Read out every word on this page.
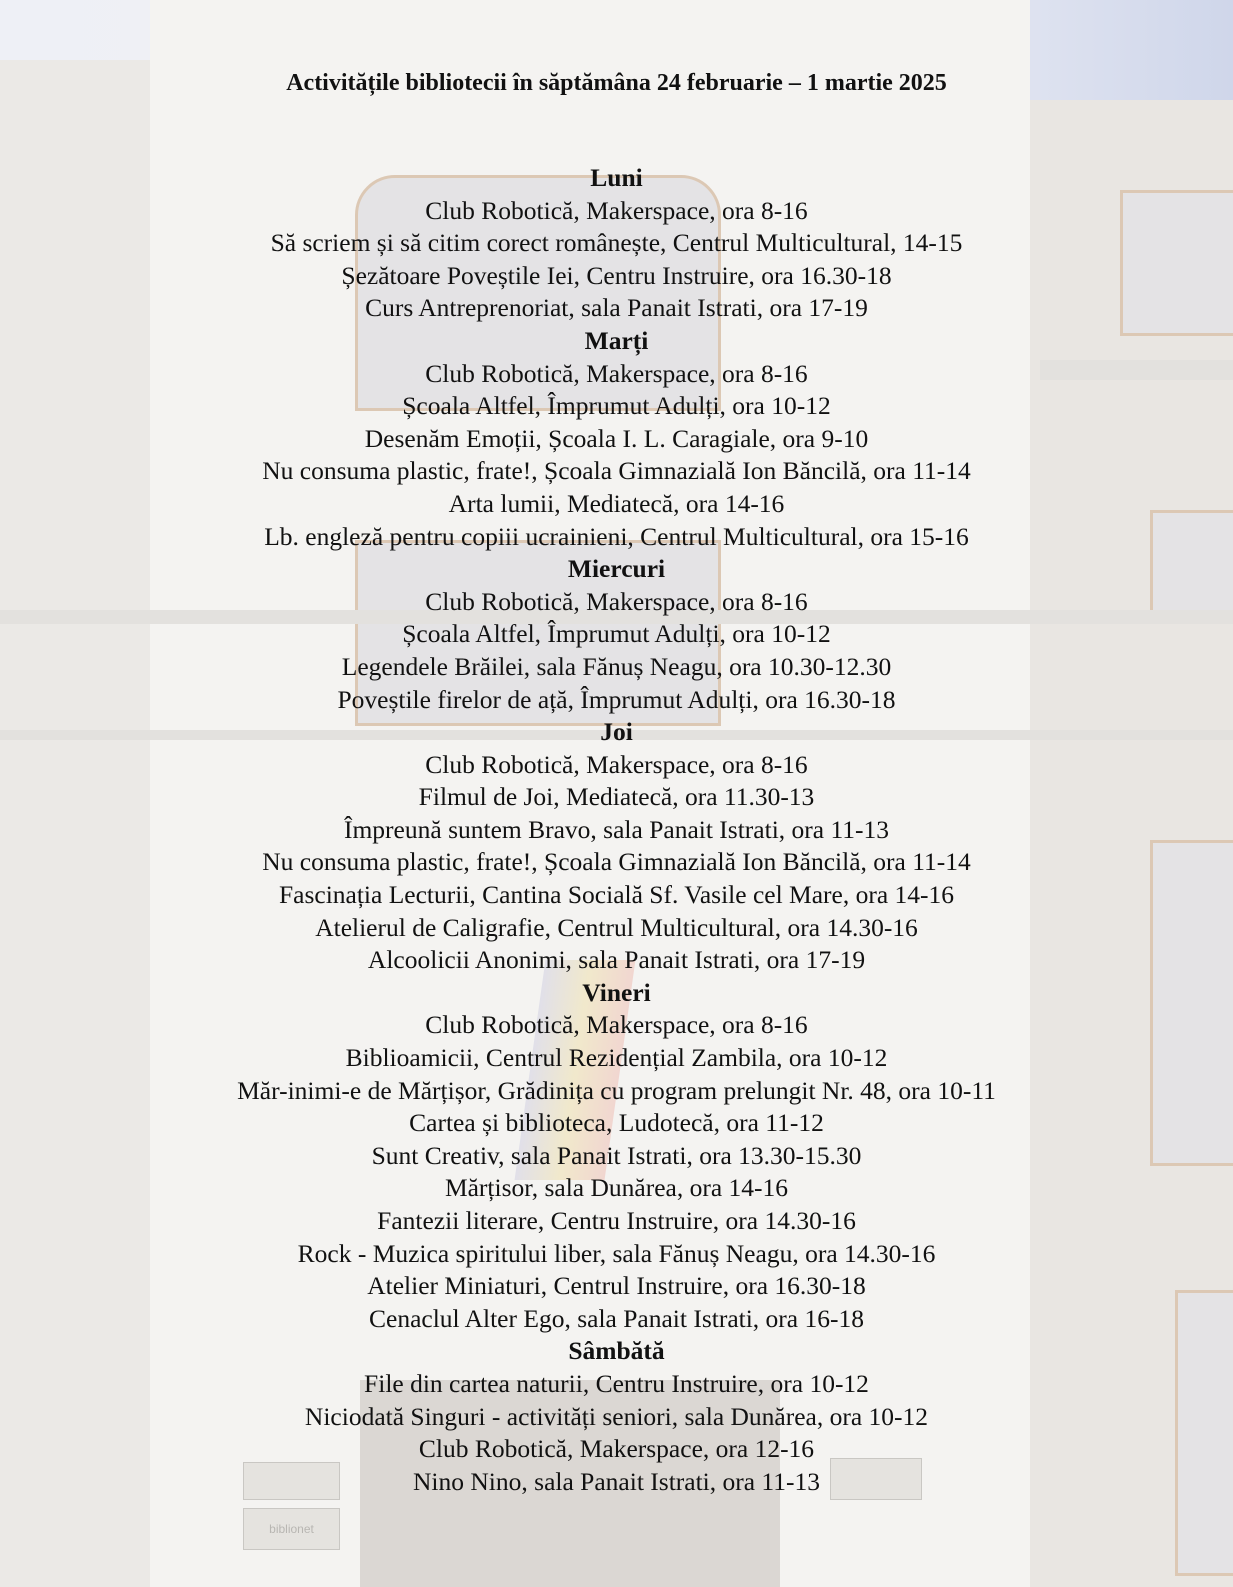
biblionet
Activitățile bibliotecii în săptămâna 24 februarie – 1 martie 2025
Luni
Club Robotică, Makerspace, ora 8-16
Să scriem și să citim corect românește, Centrul Multicultural, 14-15
Șezătoare Poveștile Iei, Centru Instruire, ora 16.30-18
Curs Antreprenoriat, sala Panait Istrati, ora 17-19
Marți
Club Robotică, Makerspace, ora 8-16
Școala Altfel, Împrumut Adulți, ora 10-12
Desenăm Emoții, Școala I. L. Caragiale, ora 9-10
Nu consuma plastic, frate!, Școala Gimnazială Ion Băncilă, ora 11-14
Arta lumii, Mediatecă, ora 14-16
Lb. engleză pentru copiii ucrainieni, Centrul Multicultural, ora 15-16
Miercuri
Club Robotică, Makerspace, ora 8-16
Școala Altfel, Împrumut Adulți, ora 10-12
Legendele Brăilei, sala Fănuș Neagu, ora 10.30-12.30
Poveștile firelor de ață, Împrumut Adulți, ora 16.30-18
Joi
Club Robotică, Makerspace, ora 8-16
Filmul de Joi, Mediatecă, ora 11.30-13
Împreună suntem Bravo, sala Panait Istrati, ora 11-13
Nu consuma plastic, frate!, Școala Gimnazială Ion Băncilă, ora 11-14
Fascinația Lecturii, Cantina Socială Sf. Vasile cel Mare, ora 14-16
Atelierul de Caligrafie, Centrul Multicultural, ora 14.30-16
Alcoolicii Anonimi, sala Panait Istrati, ora 17-19
Vineri
Club Robotică, Makerspace, ora 8-16
Biblioamicii, Centrul Rezidențial Zambila, ora 10-12
Măr-inimi-e de Mărțișor, Grădinița cu program prelungit Nr. 48, ora 10-11
Cartea și biblioteca, Ludotecă, ora 11-12
Sunt Creativ, sala Panait Istrati, ora 13.30-15.30
Mărțisor, sala Dunărea, ora 14-16
Fantezii literare, Centru Instruire, ora 14.30-16
Rock - Muzica spiritului liber, sala Fănuș Neagu, ora 14.30-16
Atelier Miniaturi, Centrul Instruire, ora 16.30-18
Cenaclul Alter Ego, sala Panait Istrati, ora 16-18
Sâmbătă
File din cartea naturii, Centru Instruire, ora 10-12
Niciodată Singuri - activități seniori, sala Dunărea, ora 10-12
Club Robotică, Makerspace, ora 12-16
Nino Nino, sala Panait Istrati, ora 11-13
